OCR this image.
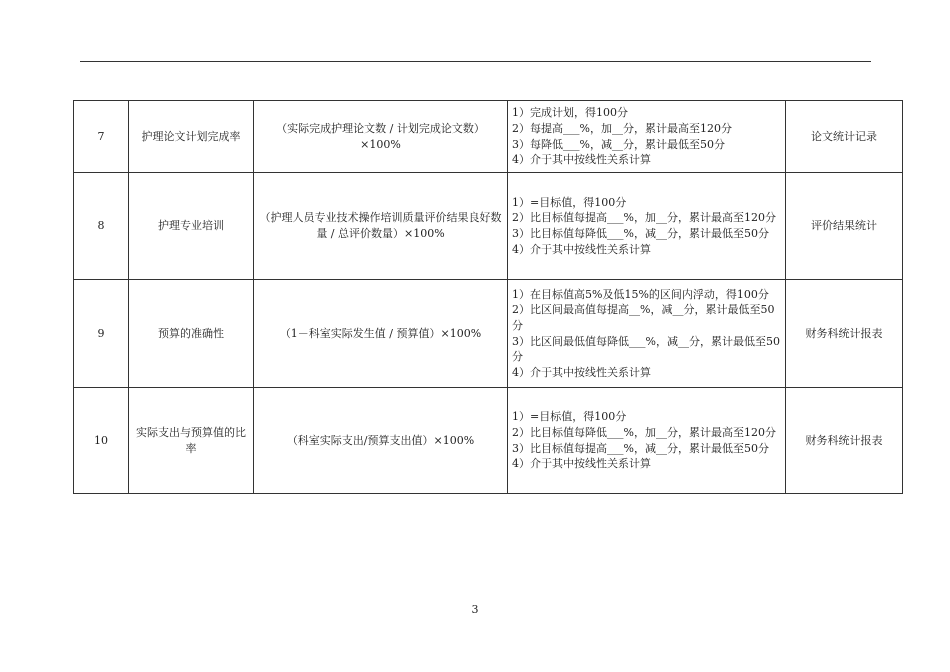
7	护理论文计划完成率	（实际完成护理论文数 / 计划完成论文数）×100%	1）完成计划，得100分
2）每提高___%，加__分，累计最高至120分
3）每降低___%，减__分，累计最低至50分
4）介于其中按线性关系计算	论文统计记录
8	护理专业培训	（护理人员专业技术操作培训质量评价结果良好数量 / 总评价数量）×100%	1）=目标值，得100分
2）比目标值每提高___%，加__分，累计最高至120分
3）比目标值每降低___%，减__分，累计最低至50分
4）介于其中按线性关系计算	评价结果统计
9	预算的准确性	（1－科室实际发生值 / 预算值）×100%	1）在目标值高5%及低15%的区间内浮动，得100分
2）比区间最高值每提高__%，减__分，累计最低至50分
3）比区间最低值每降低___%，减__分，累计最低至50分
4）介于其中按线性关系计算	财务科统计报表
10	实际支出与预算值的比率	（科室实际支出/预算支出值）×100%	1）=目标值，得100分
2）比目标值每降低___%，加__分，累计最高至120分
3）比目标值每提高___%，减__分，累计最低至50分
4）介于其中按线性关系计算	财务科统计报表
3
